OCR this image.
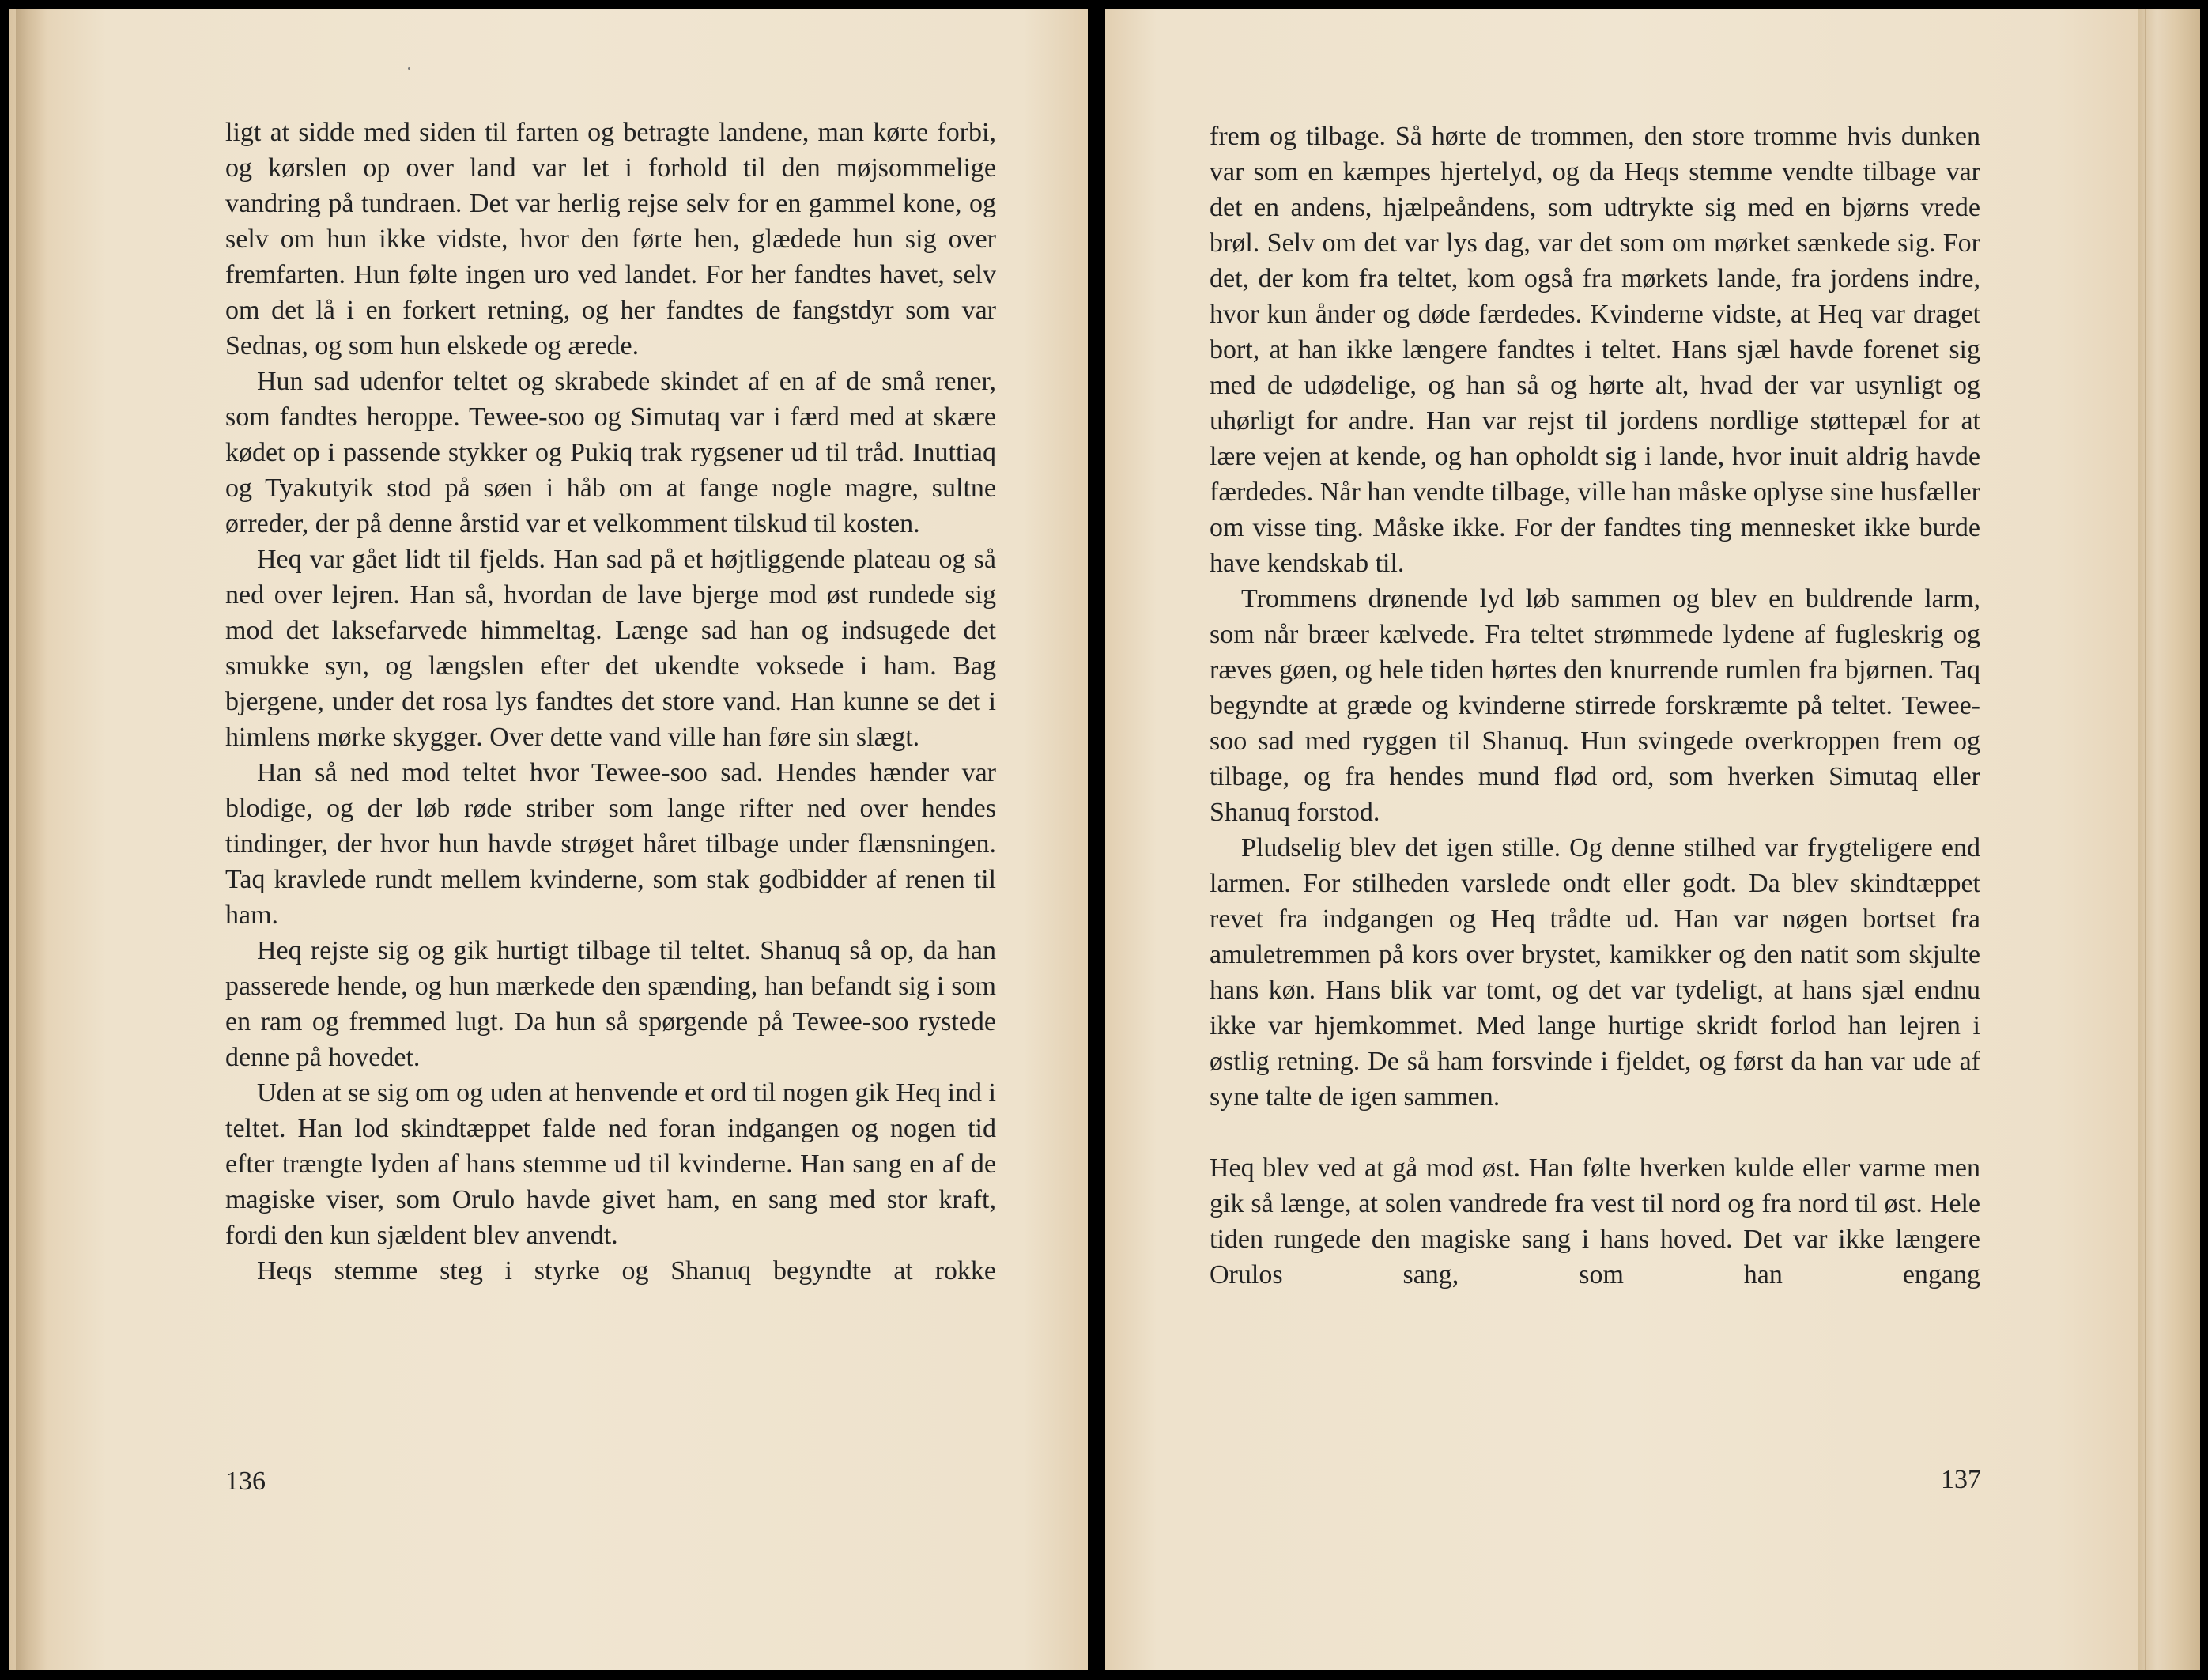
ligt at sidde med siden til farten og betragte landene, man kørte forbi, og kørslen op over land var let i forhold til den møjsommelige vandring på tundraen. Det var herlig rejse selv for en gammel kone, og selv om hun ikke vidste, hvor den førte hen, glædede hun sig over fremfarten. Hun følte ingen uro ved landet. For her fandtes havet, selv om det lå i en forkert retning, og her fandtes de fangstdyr som var Sednas, og som hun elskede og ærede.

Hun sad udenfor teltet og skrabede skindet af en af de små rener, som fandtes heroppe. Tewee-soo og Simutaq var i færd med at skære kødet op i passende stykker og Pukiq trak rygsener ud til tråd. Inuttiaq og Tyakutyik stod på søen i håb om at fange nogle magre, sultne ørreder, der på denne årstid var et velkomment tilskud til kosten.

Heq var gået lidt til fjelds. Han sad på et højtliggende plateau og så ned over lejren. Han så, hvordan de lave bjerge mod øst rundede sig mod det laksefarvede himmeltag. Længe sad han og indsugede det smukke syn, og længslen efter det ukendte voksede i ham. Bag bjergene, under det rosa lys fandtes det store vand. Han kunne se det i himlens mørke skygger. Over dette vand ville han føre sin slægt.

Han så ned mod teltet hvor Tewee-soo sad. Hendes hænder var blodige, og der løb røde striber som lange rifter ned over hendes tindinger, der hvor hun havde strøget håret tilbage under flænsningen. Taq kravlede rundt mellem kvinderne, som stak godbidder af renen til ham.

Heq rejste sig og gik hurtigt tilbage til teltet. Shanuq så op, da han passerede hende, og hun mærkede den spænding, han befandt sig i som en ram og fremmed lugt. Da hun så spørgende på Tewee-soo rystede denne på hovedet.

Uden at se sig om og uden at henvende et ord til nogen gik Heq ind i teltet. Han lod skindtæppet falde ned foran indgangen og nogen tid efter trængte lyden af hans stemme ud til kvinderne. Han sang en af de magiske viser, som Orulo havde givet ham, en sang med stor kraft, fordi den kun sjældent blev anvendt.

Heqs stemme steg i styrke og Shanuq begyndte at rokke

136

frem og tilbage. Så hørte de trommen, den store tromme hvis dunken var som en kæmpes hjertelyd, og da Heqs stemme vendte tilbage var det en andens, hjælpeåndens, som udtrykte sig med en bjørns vrede brøl. Selv om det var lys dag, var det som om mørket sænkede sig. For det, der kom fra teltet, kom også fra mørkets lande, fra jordens indre, hvor kun ånder og døde færdedes. Kvinderne vidste, at Heq var draget bort, at han ikke længere fandtes i teltet. Hans sjæl havde forenet sig med de udødelige, og han så og hørte alt, hvad der var usynligt og uhørligt for andre. Han var rejst til jordens nordlige støttepæl for at lære vejen at kende, og han opholdt sig i lande, hvor inuit aldrig havde færdedes. Når han vendte tilbage, ville han måske oplyse sine husfæller om visse ting. Måske ikke. For der fandtes ting mennesket ikke burde have kendskab til.

Trommens drønende lyd løb sammen og blev en buldrende larm, som når bræer kælvede. Fra teltet strømmede lydene af fugleskrig og ræves gøen, og hele tiden hørtes den knurrende rumlen fra bjørnen. Taq begyndte at græde og kvinderne stirrede forskræmte på teltet. Tewee-soo sad med ryggen til Shanuq. Hun svingede overkroppen frem og tilbage, og fra hendes mund flød ord, som hverken Simutaq eller Shanuq forstod.

Pludselig blev det igen stille. Og denne stilhed var frygteligere end larmen. For stilheden varslede ondt eller godt. Da blev skindtæppet revet fra indgangen og Heq trådte ud. Han var nøgen bortset fra amuletremmen på kors over brystet, kamikker og den natit som skjulte hans køn. Hans blik var tomt, og det var tydeligt, at hans sjæl endnu ikke var hjemkommet. Med lange hurtige skridt forlod han lejren i østlig retning. De så ham forsvinde i fjeldet, og først da han var ude af syne talte de igen sammen.

Heq blev ved at gå mod øst. Han følte hverken kulde eller varme men gik så længe, at solen vandrede fra vest til nord og fra nord til øst. Hele tiden rungede den magiske sang i hans hoved. Det var ikke længere Orulos sang, som han engang

137
